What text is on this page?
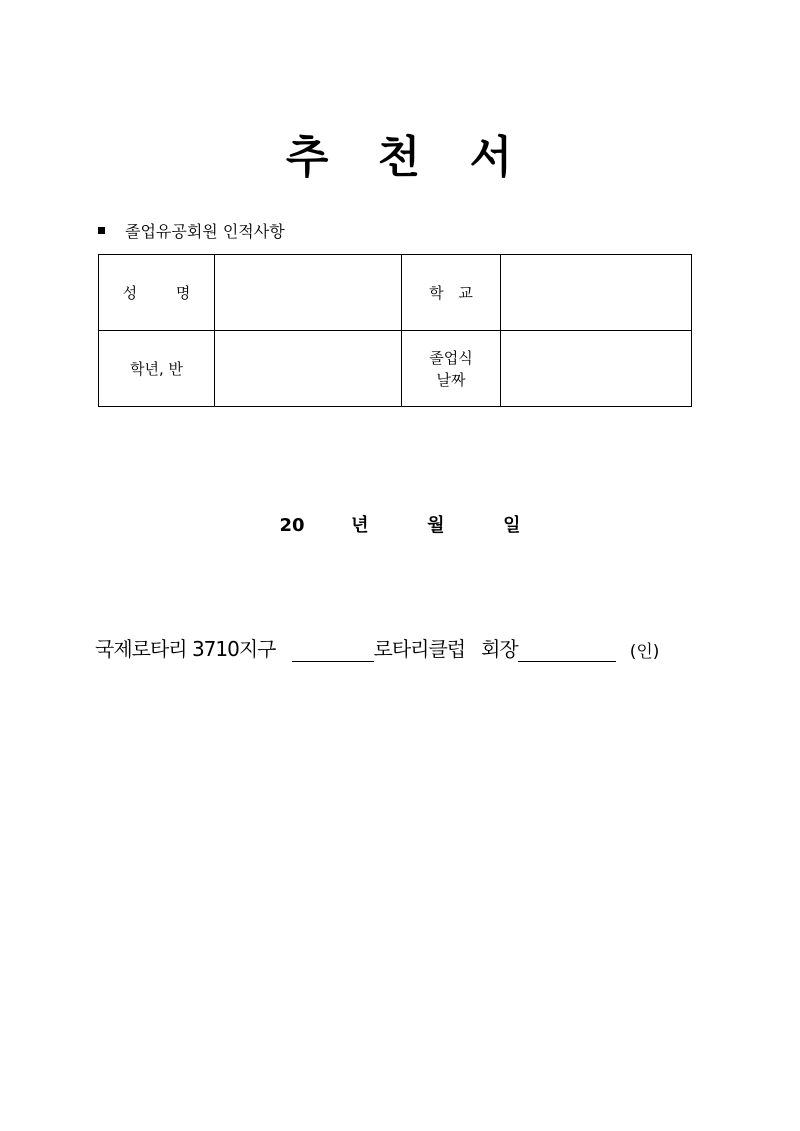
추 천 서
졸업유공회원 인적사항
성 명		학 교	
학년, 반		졸업식
날짜	

20	년	월	일
국제로타리 3710지구	로타리클럽 회장	(인)
